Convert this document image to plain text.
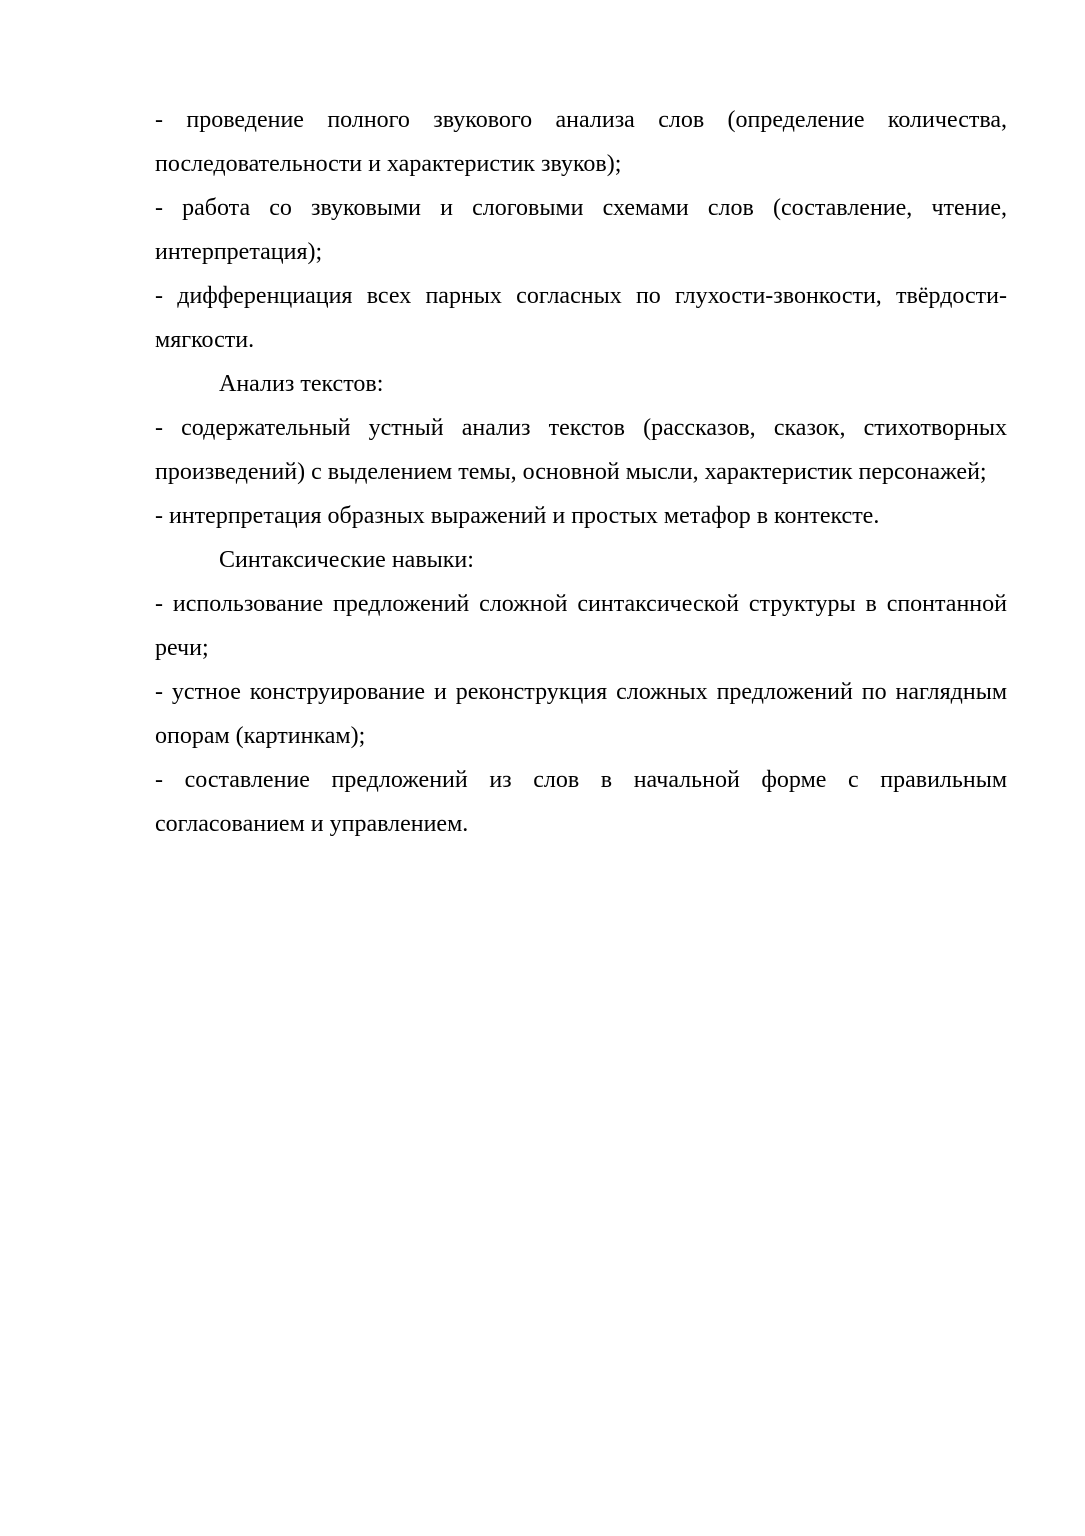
- проведение полного звукового анализа слов (определение количества, последовательности и характеристик звуков);

- работа со звуковыми и слоговыми схемами слов (составление, чтение, интерпретация);

- дифференциация всех парных согласных по глухости-звонкости, твёрдости-мягкости.

Анализ текстов:

- содержательный устный анализ текстов (рассказов, сказок, стихотворных произведений) с выделением темы, основной мысли, характеристик персонажей;

- интерпретация образных выражений и простых метафор в контексте.

Синтаксические навыки:

- использование предложений сложной синтаксической структуры в спонтанной речи;

- устное конструирование и реконструкция сложных предложений по наглядным опорам (картинкам);

- составление предложений из слов в начальной форме с правильным согласованием и управлением.
